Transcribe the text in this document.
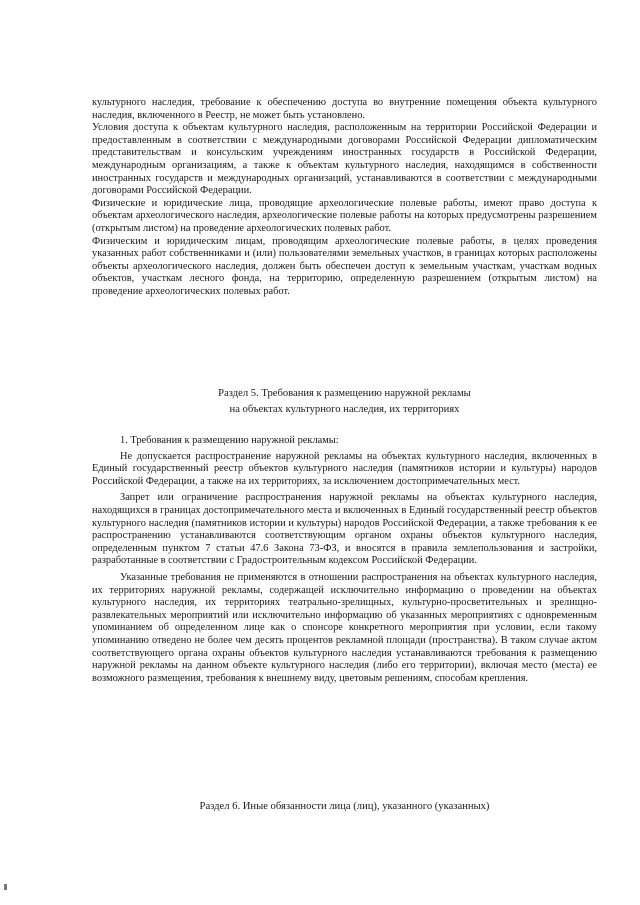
культурного наследия, требование к обеспечению доступа во внутренние помещения объекта культурного наследия, включенного в Реестр, не может быть установлено.

Условия доступа к объектам культурного наследия, расположенным на территории Российской Федерации и предоставленным в соответствии с международными договорами Российской Федерации дипломатическим представительствам и консульским учреждениям иностранных государств в Российской Федерации, международным организациям, а также к объектам культурного наследия, находящимся в собственности иностранных государств и международных организаций, устанавливаются в соответствии с международными договорами Российской Федерации.

Физические и юридические лица, проводящие археологические полевые работы, имеют право доступа к объектам археологического наследия, археологические полевые работы на которых предусмотрены разрешением (открытым листом) на проведение археологических полевых работ.

Физическим и юридическим лицам, проводящим археологические полевые работы, в целях проведения указанных работ собственниками и (или) пользователями земельных участков, в границах которых расположены объекты археологического наследия, должен быть обеспечен доступ к земельным участкам, участкам водных объектов, участкам лесного фонда, на территорию, определенную разрешением (открытым листом) на проведение археологических полевых работ.

Раздел 5. Требования к размещению наружной рекламы

на объектах культурного наследия, их территориях

1. Требования к размещению наружной рекламы:

Не допускается распространение наружной рекламы на объектах культурного наследия, включенных в Единый государственный реестр объектов культурного наследия (памятников истории и культуры) народов Российской Федерации, а также на их территориях, за исключением достопримечательных мест.

Запрет или ограничение распространения наружной рекламы на объектах культурного наследия, находящихся в границах достопримечательного места и включенных в Единый государственный реестр объектов культурного наследия (памятников истории и культуры) народов Российской Федерации, а также требования к ее распространению устанавливаются соответствующим органом охраны объектов культурного наследия, определенным пунктом 7 статьи 47.6 Закона 73-ФЗ, и вносятся в правила землепользования и застройки, разработанные в соответствии с Градостроительным кодексом Российской Федерации.

Указанные требования не применяются в отношении распространения на объектах культурного наследия, их территориях наружной рекламы, содержащей исключительно информацию о проведении на объектах культурного наследия, их территориях театрально-зрелищных, культурно-просветительных и зрелищно-развлекательных мероприятий или исключительно информацию об указанных мероприятиях с одновременным упоминанием об определенном лице как о спонсоре конкретного мероприятия при условии, если такому упоминанию отведено не более чем десять процентов рекламной площади (пространства). В таком случае актом соответствующего органа охраны объектов культурного наследия устанавливаются требования к размещению наружной рекламы на данном объекте культурного наследия (либо его территории), включая место (места) ее возможного размещения, требования к внешнему виду, цветовым решениям, способам крепления.

Раздел 6. Иные обязанности лица (лиц), указанного (указанных)
